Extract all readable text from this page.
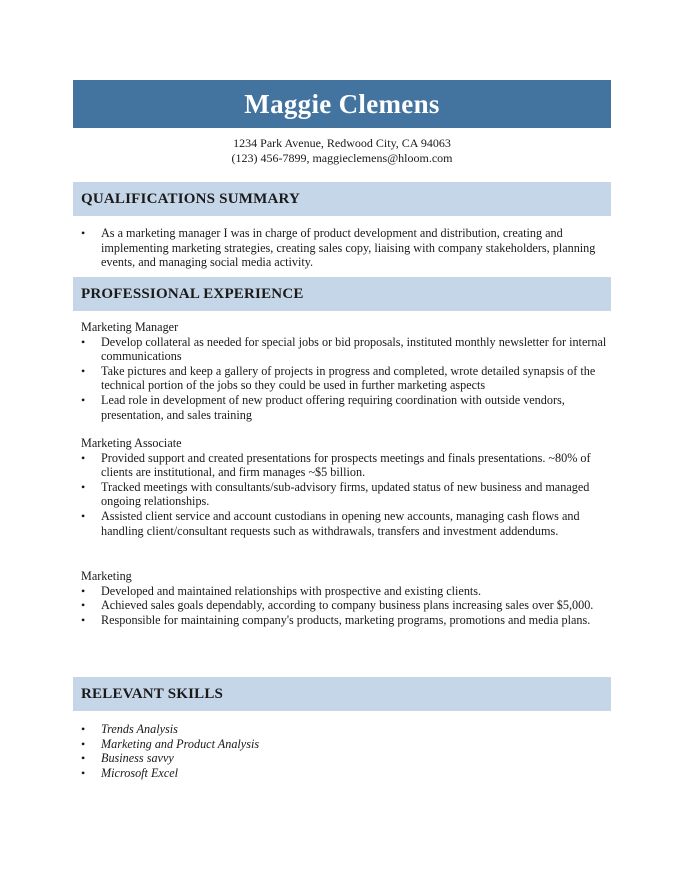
Maggie Clemens
1234 Park Avenue, Redwood City, CA 94063
(123) 456-7899, maggieclemens@hloom.com
QUALIFICATIONS SUMMARY
• As a marketing manager I was in charge of product development and distribution, creating and implementing marketing strategies, creating sales copy, liaising with company stakeholders, planning events, and managing social media activity.
PROFESSIONAL EXPERIENCE

Marketing Manager

• Develop collateral as needed for special jobs or bid proposals, instituted monthly newsletter for internal communications
• Take pictures and keep a gallery of projects in progress and completed, wrote detailed synapsis of the technical portion of the jobs so they could be used in further marketing aspects
• Lead role in development of new product offering requiring coordination with outside vendors, presentation, and sales training

Marketing Associate

• Provided support and created presentations for prospects meetings and finals presentations. ~80% of clients are institutional, and firm manages ~$5 billion.
• Tracked meetings with consultants/sub-advisory firms, updated status of new business and managed ongoing relationships.
• Assisted client service and account custodians in opening new accounts, managing cash flows and handling client/consultant requests such as withdrawals, transfers and investment addendums.

Marketing

• Developed and maintained relationships with prospective and existing clients.
• Achieved sales goals dependably, according to company business plans increasing sales over $5,000.
• Responsible for maintaining company's products, marketing programs, promotions and media plans.
RELEVANT SKILLS
• Trends Analysis
• Marketing and Product Analysis
• Business savvy
• Microsoft Excel
